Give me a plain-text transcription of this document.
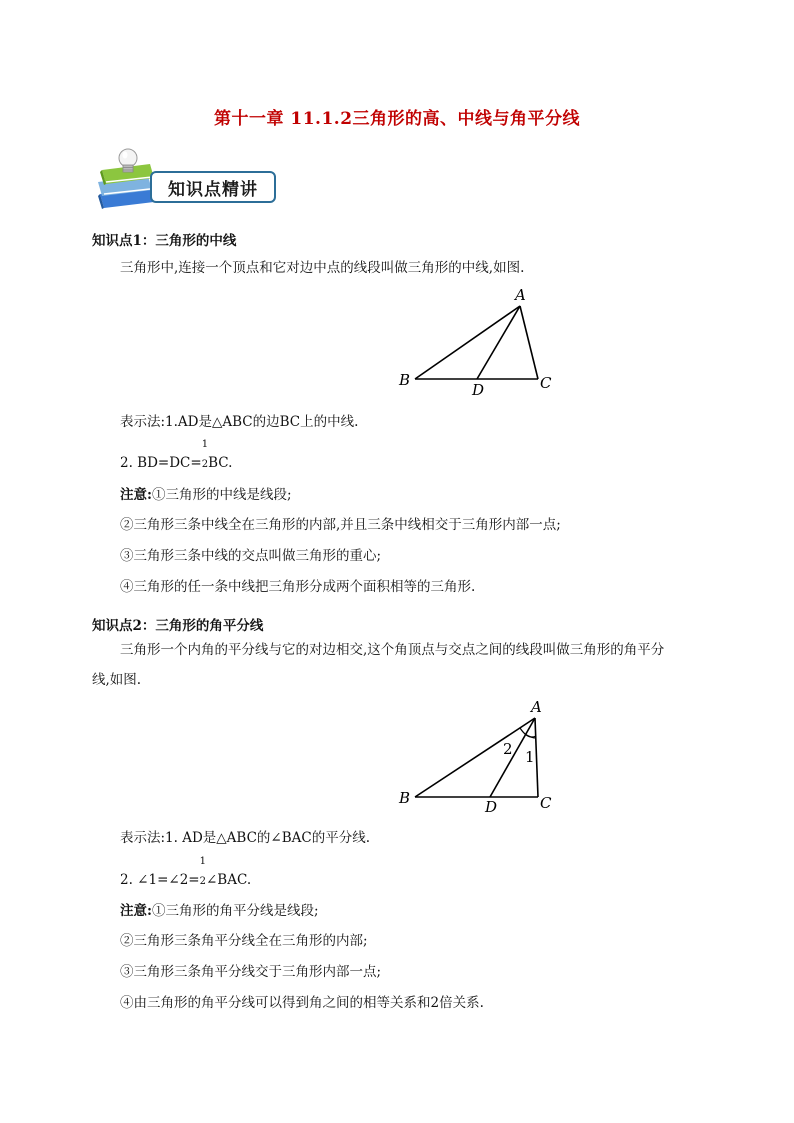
第十一章 11.1.2三角形的高、中线与角平分线
知识点精讲
知识点1：三角形的中线
三角形中,连接一个顶点和它对边中点的线段叫做三角形的中线,如图.
A
B	C
D
表示法:1.AD是△ABC的边BC上的中线.
2. BD=DC=
1
2BC.
注意:①三角形的中线是线段;
②三角形三条中线全在三角形的内部,并且三条中线相交于三角形内部一点;
③三角形三条中线的交点叫做三角形的重心;
④三角形的任一条中线把三角形分成两个面积相等的三角形.
知识点2：三角形的角平分线
三角形一个内角的平分线与它的对边相交,这个角顶点与交点之间的线段叫做三角形的角平分
线,如图.
A
B	C
D
1
2
表示法:1. AD是△ABC的∠BAC的平分线.
2. ∠1=∠2=
1
2∠BAC.
注意:①三角形的角平分线是线段;
②三角形三条角平分线全在三角形的内部;
③三角形三条角平分线交于三角形内部一点;
④由三角形的角平分线可以得到角之间的相等关系和2倍关系.
